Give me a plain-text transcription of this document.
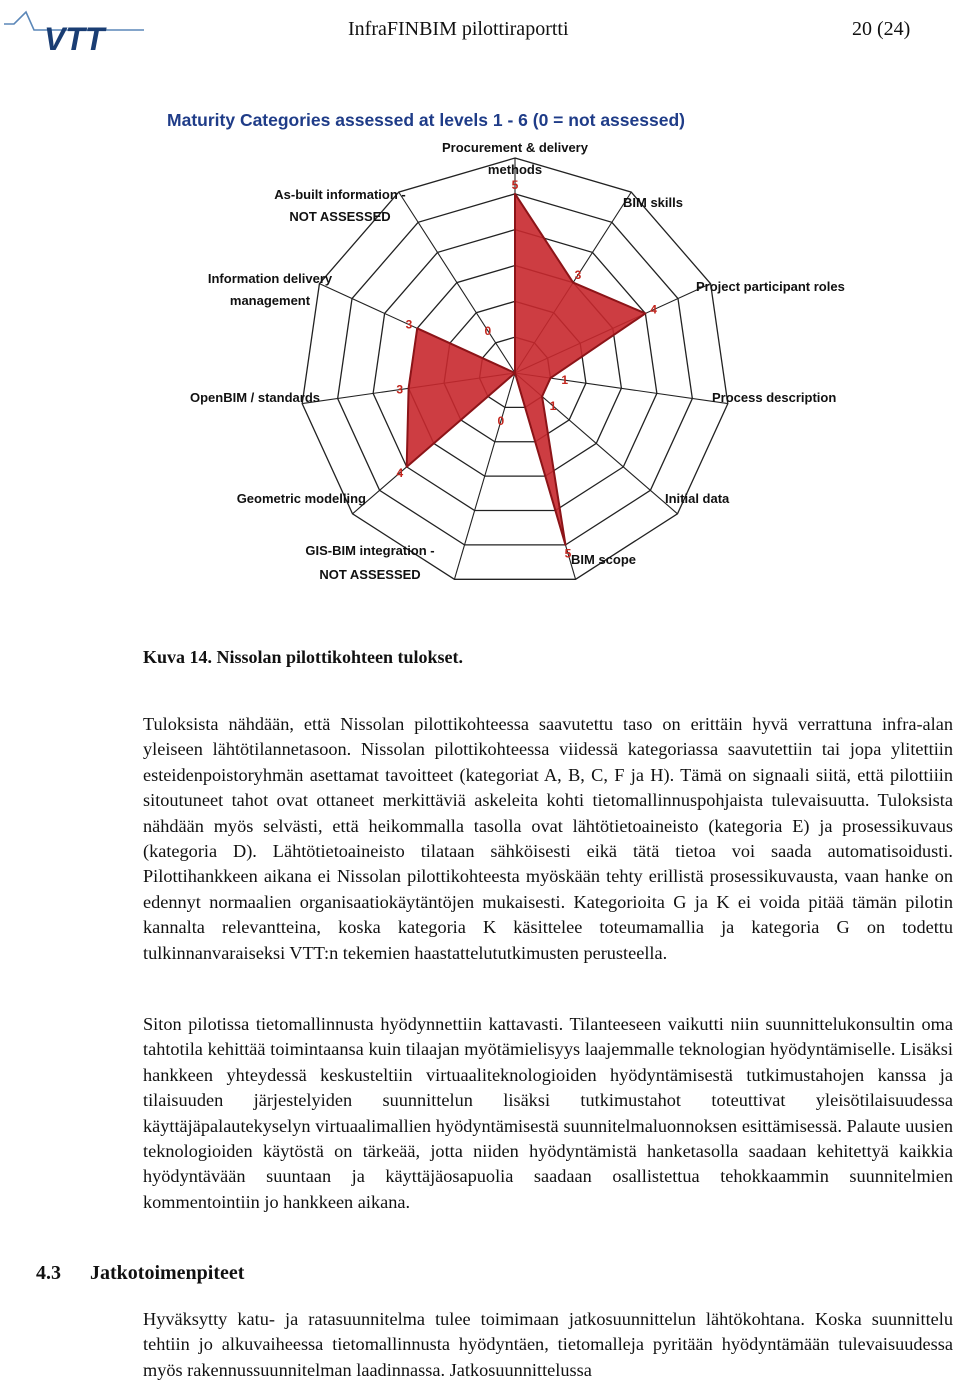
VTT	InfraFINBIM pilottiraportti	20 (24)
Maturity Categories assessed at levels 1 - 6 (0 = not assessed)
5
3
4
1
1
5
0
4
3
3	0
Procurement & delivery methods
BIM skills
Project participant roles
Process description
Initial data
BIM scope
GIS-BIM integration -NOT ASSESSED
Geometric modelling
OpenBIM / standards
Information delivery management
As-built information -NOT ASSESSED
Kuva 14. Nissolan pilottikohteen tulokset.

Tuloksista nähdään, että Nissolan pilottikohteessa saavutettu taso on erittäin hyvä verrattuna infra-alan yleiseen lähtötilannetasoon. Nissolan pilottikohteessa viidessä kategoriassa saavutettiin tai jopa ylitettiin esteidenpoistoryhmän asettamat tavoitteet (kategoriat A, B, C, F ja H). Tämä on signaali siitä, että pilottiiin sitoutuneet tahot ovat ottaneet merkittäviä askeleita kohti tietomallinnuspohjaista tulevaisuutta. Tuloksista nähdään myös selvästi, että heikommalla tasolla ovat lähtötietoaineisto (kategoria E) ja prosessikuvaus (kategoria D). Lähtötietoaineisto tilataan sähköisesti eikä tätä tietoa voi saada automatisoidusti. Pilottihankkeen aikana ei Nissolan pilottikohteesta myöskään tehty erillistä prosessikuvausta, vaan hanke on edennyt normaalien organisaatiokäytäntöjen mukaisesti. Kategorioita G ja K ei voida pitää tämän pilotin kannalta relevantteina, koska kategoria K käsittelee toteumamallia ja kategoria G on todettu tulkinnanvaraiseksi VTT:n tekemien haastattelututkimusten perusteella.

Siton pilotissa tietomallinnusta hyödynnettiin kattavasti. Tilanteeseen vaikutti niin suunnittelukonsultin oma tahtotila kehittää toimintaansa kuin tilaajan myötämielisyys laajemmalle teknologian hyödyntämiselle. Lisäksi hankkeen yhteydessä keskusteltiin virtuaaliteknologioiden hyödyntämisestä tutkimustahojen kanssa ja tilaisuuden järjestelyiden suunnittelun lisäksi tutkimustahot toteuttivat yleisötilaisuudessa käyttäjäpalautekyselyn virtuaalimallien hyödyntämisestä suunnitelmaluonnoksen esittämisessä. Palaute uusien teknologioiden käytöstä on tärkeää, jotta niiden hyödyntämistä hanketasolla saadaan kehitettyä kaikkia hyödyntävään suuntaan ja käyttäjäosapuolia saadaan osallistettua tehokkaammin suunnitelmien kommentointiin jo hankkeen aikana.

4.3 Jatkotoimenpiteet

Hyväksytty katu- ja ratasuunnitelma tulee toimimaan jatkosuunnittelun lähtökohtana. Koska suunnittelu tehtiin jo alkuvaiheessa tietomallinnusta hyödyntäen, tietomalleja pyritään hyödyntämään tulevaisuudessa myös rakennussuunnitelman laadinnassa. Jatkosuunnittelussa
